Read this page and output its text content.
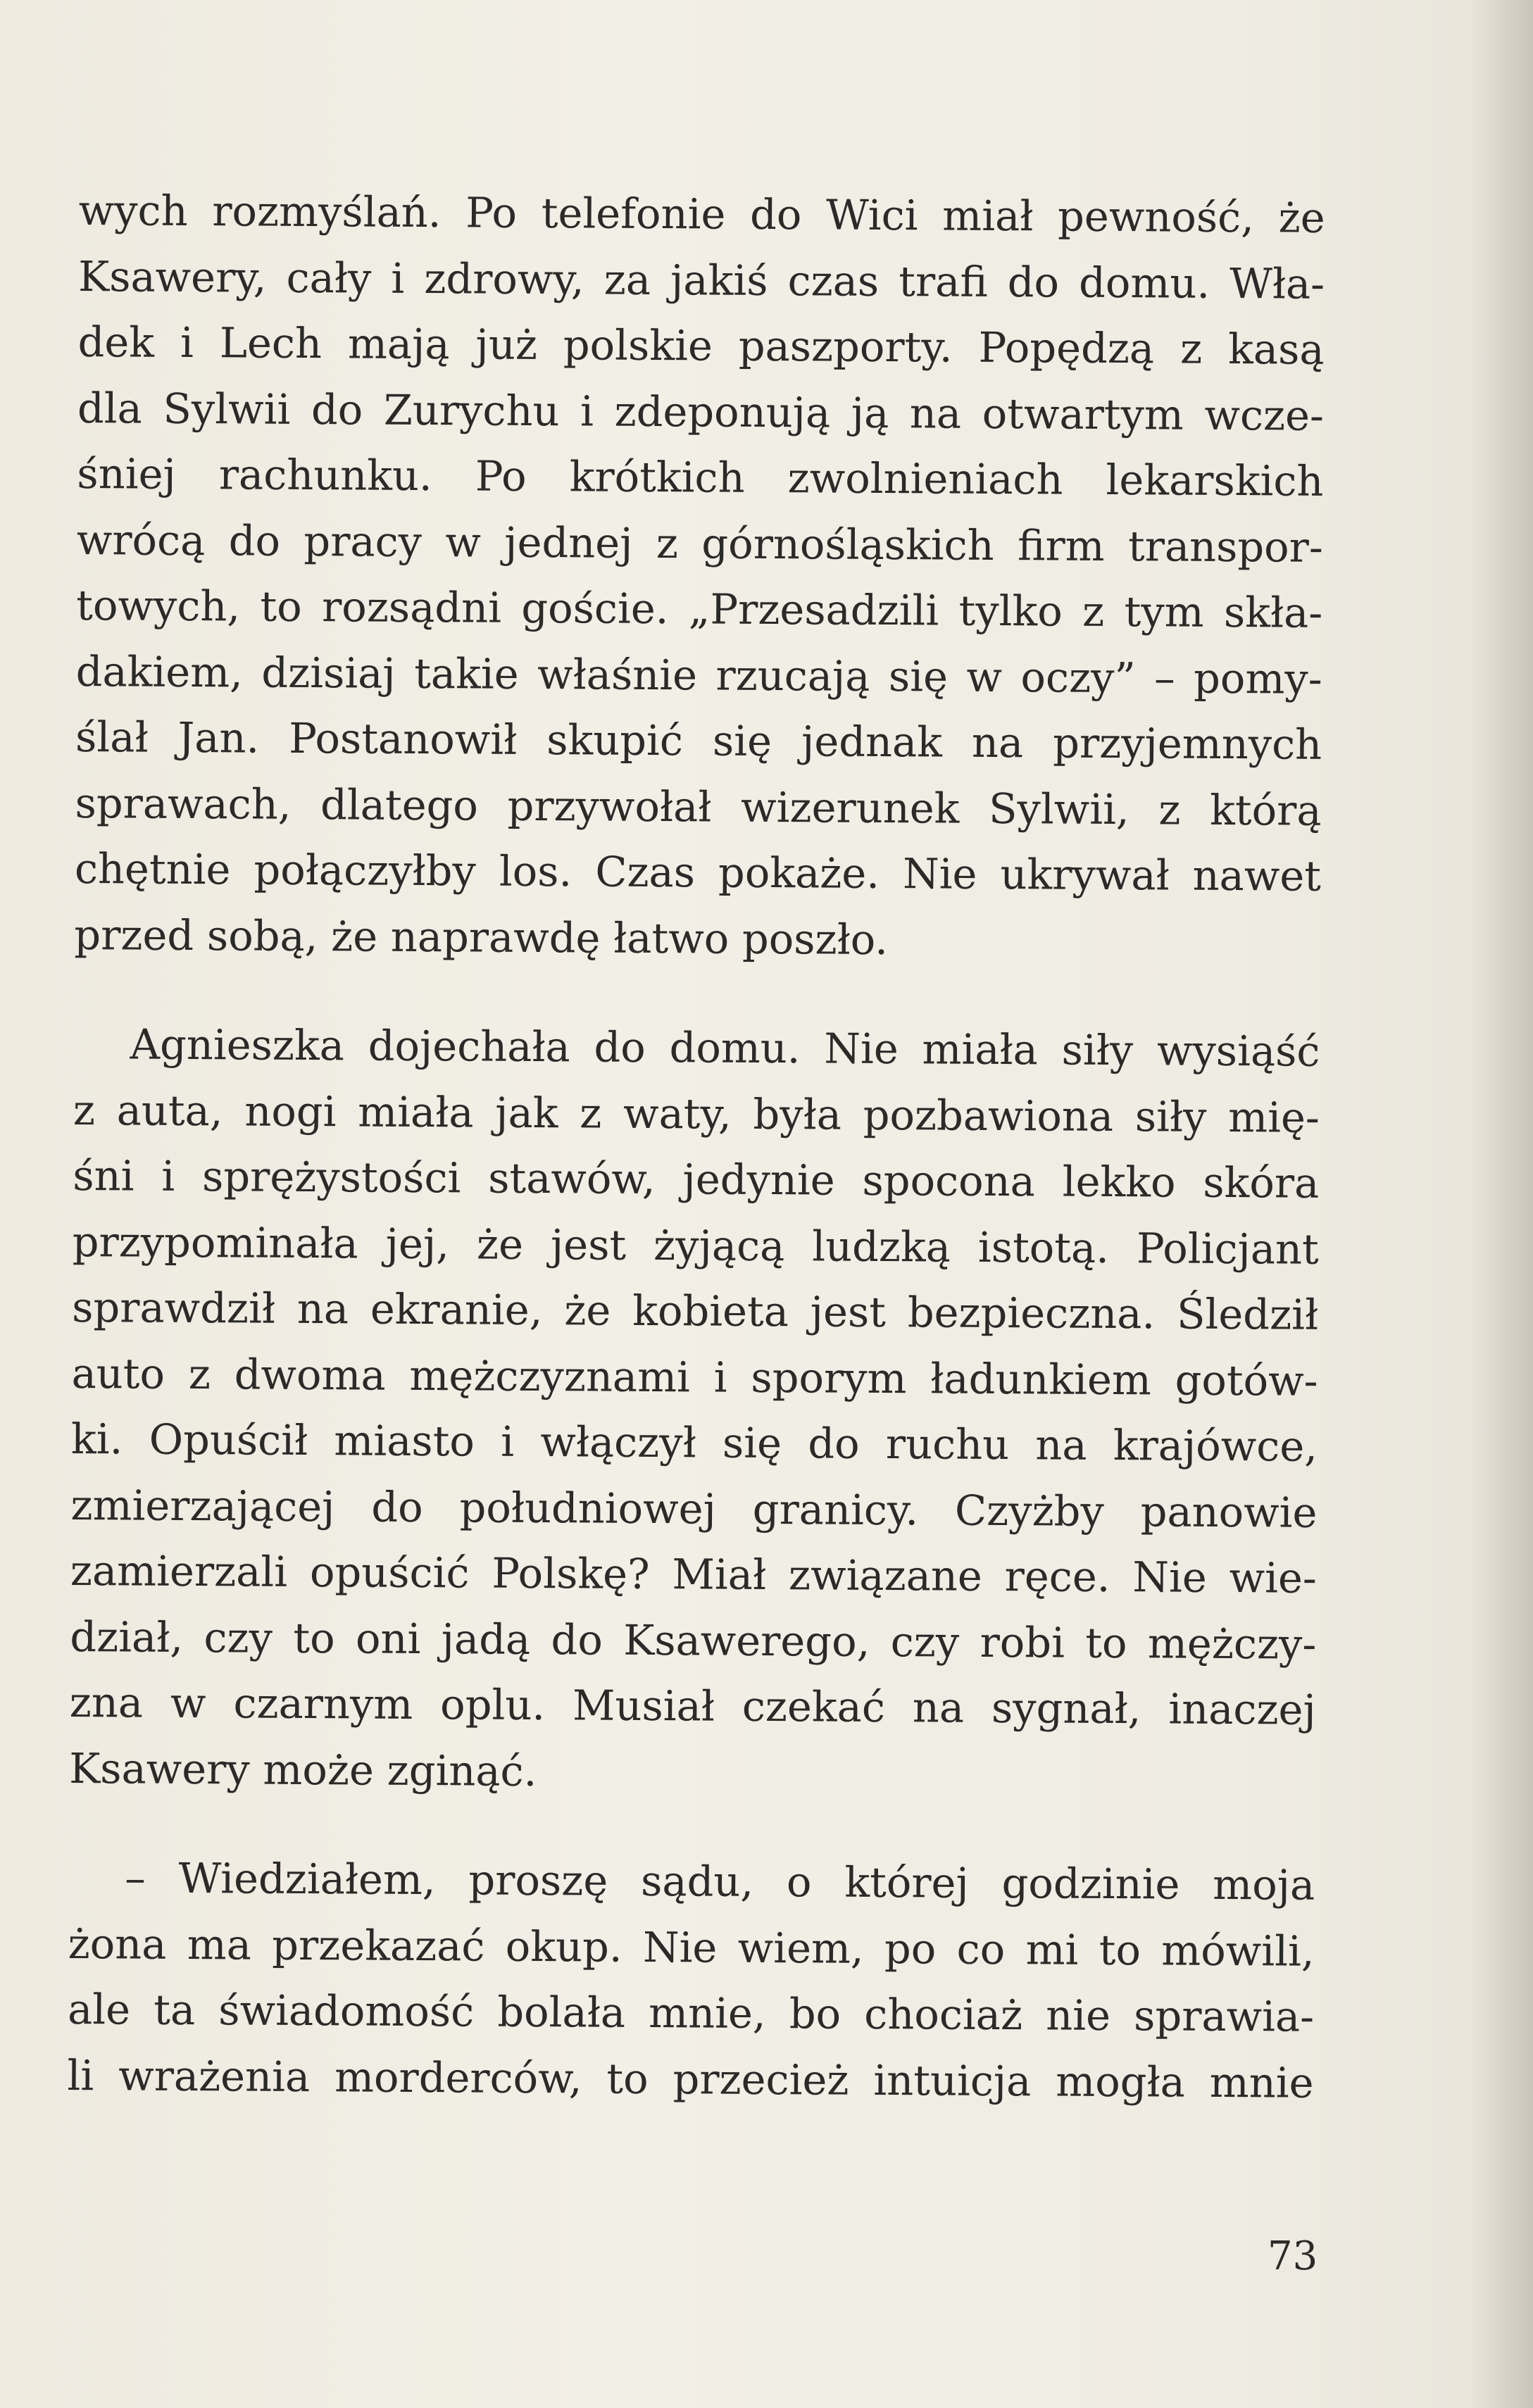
wych rozmyślań. Po telefonie do Wici miał pewność, że
Ksawery, cały i zdrowy, za jakiś czas trafi do domu. Wła-
dek i Lech mają już polskie paszporty. Popędzą z kasą
dla Sylwii do Zurychu i zdeponują ją na otwartym wcze-
śniej rachunku. Po krótkich zwolnieniach lekarskich
wrócą do pracy w jednej z górnośląskich firm transpor-
towych, to rozsądni goście. „Przesadzili tylko z tym skła-
dakiem, dzisiaj takie właśnie rzucają się w oczy” – pomy-
ślał Jan. Postanowił skupić się jednak na przyjemnych
sprawach, dlatego przywołał wizerunek Sylwii, z którą
chętnie połączyłby los. Czas pokaże. Nie ukrywał nawet
przed sobą, że naprawdę łatwo poszło.
Agnieszka dojechała do domu. Nie miała siły wysiąść
z auta, nogi miała jak z waty, była pozbawiona siły mię-
śni i sprężystości stawów, jedynie spocona lekko skóra
przypominała jej, że jest żyjącą ludzką istotą. Policjant
sprawdził na ekranie, że kobieta jest bezpieczna. Śledził
auto z dwoma mężczyznami i sporym ładunkiem gotów-
ki. Opuścił miasto i włączył się do ruchu na krajówce,
zmierzającej do południowej granicy. Czyżby panowie
zamierzali opuścić Polskę? Miał związane ręce. Nie wie-
dział, czy to oni jadą do Ksawerego, czy robi to mężczy-
zna w czarnym oplu. Musiał czekać na sygnał, inaczej
Ksawery może zginąć.
– Wiedziałem, proszę sądu, o której godzinie moja
żona ma przekazać okup. Nie wiem, po co mi to mówili,
ale ta świadomość bolała mnie, bo chociaż nie sprawia-
li wrażenia morderców, to przecież intuicja mogła mnie
73
